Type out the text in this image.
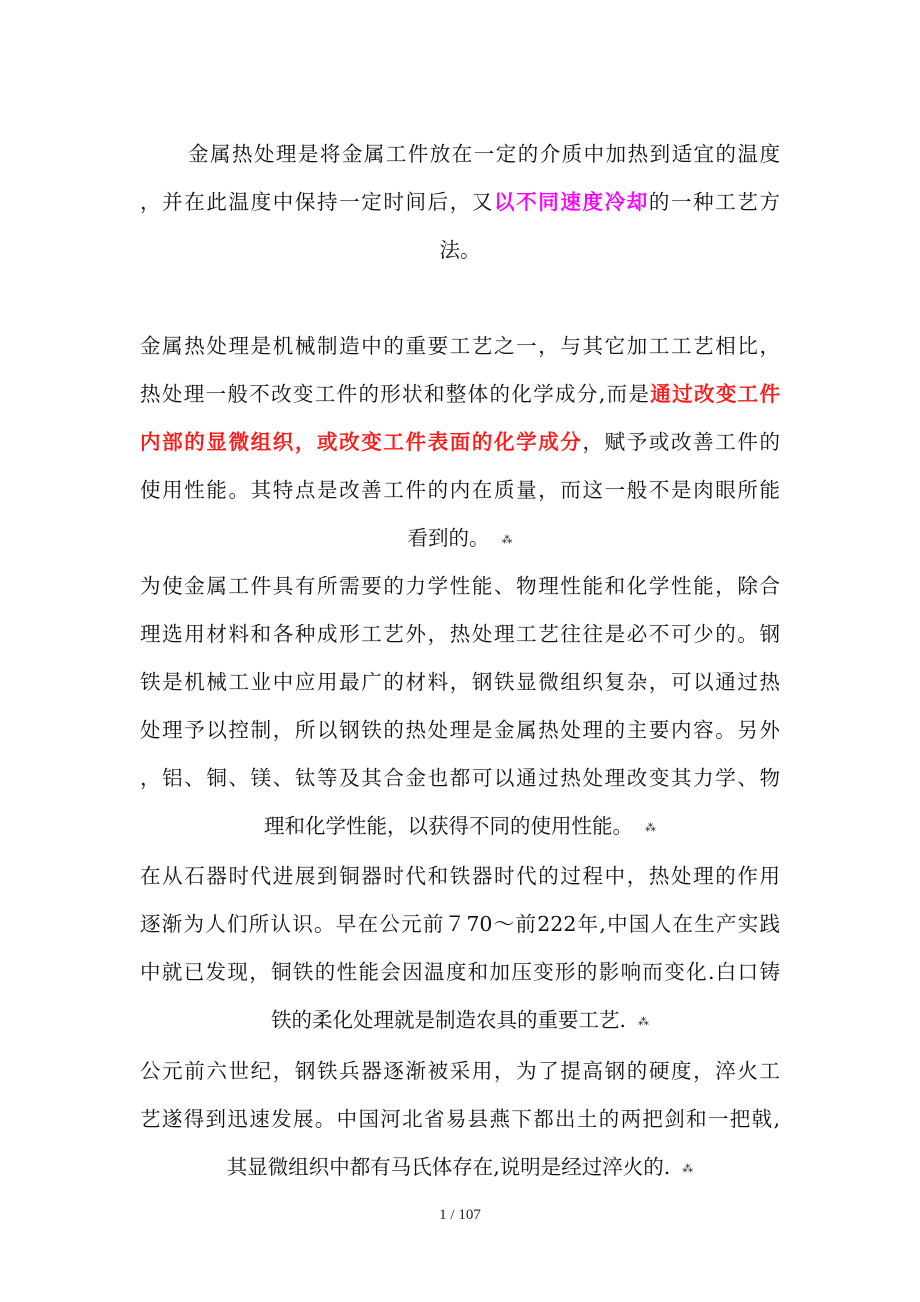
金属热处理是将金属工件放在一定的介质中加热到适宜的温度
，并在此温度中保持一定时间后，又以不同速度冷却的一种工艺方
法。
金属热处理是机械制造中的重要工艺之一，与其它加工工艺相比，
热处理一般不改变工件的形状和整体的化学成分,而是通过改变工件
内部的显微组织，或改变工件表面的化学成分，赋予或改善工件的
使用性能。其特点是改善工件的内在质量，而这一般不是肉眼所能
看到的。 ⁂
为使金属工件具有所需要的力学性能、物理性能和化学性能，除合
理选用材料和各种成形工艺外，热处理工艺往往是必不可少的。钢
铁是机械工业中应用最广的材料，钢铁显微组织复杂，可以通过热
处理予以控制，所以钢铁的热处理是金属热处理的主要内容。另外
，铝、铜、镁、钛等及其合金也都可以通过热处理改变其力学、物
理和化学性能，以获得不同的使用性能。 ⁂
在从石器时代进展到铜器时代和铁器时代的过程中，热处理的作用
逐渐为人们所认识。早在公元前７70～前222年,中国人在生产实践
中就已发现，铜铁的性能会因温度和加压变形的影响而变化.白口铸
铁的柔化处理就是制造农具的重要工艺. ⁂
公元前六世纪，钢铁兵器逐渐被采用，为了提高钢的硬度，淬火工
艺遂得到迅速发展。中国河北省易县燕下都出土的两把剑和一把戟,
其显微组织中都有马氏体存在,说明是经过淬火的. ⁂
1 / 107
